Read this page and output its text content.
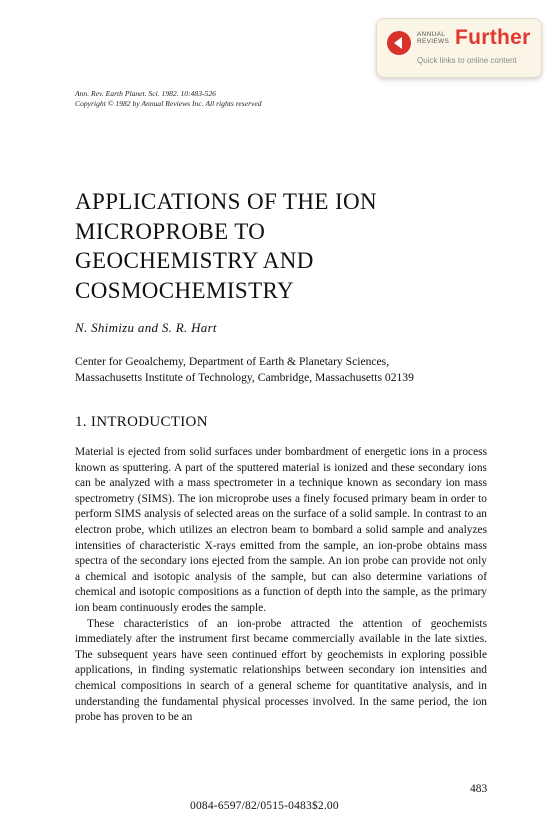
ANNUAL
REVIEWS Further
Quick links to online content
Ann. Rev. Earth Planet. Sci. 1982. 10:483-526
Copyright © 1982 by Annual Reviews Inc. All rights reserved
APPLICATIONS OF THE ION
MICROPROBE TO
GEOCHEMISTRY AND
COSMOCHEMISTRY
N. Shimizu and S. R. Hart
Center for Geoalchemy, Department of Earth & Planetary Sciences,
Massachusetts Institute of Technology, Cambridge, Massachusetts 02139
1. INTRODUCTION

Material is ejected from solid surfaces under bombardment of energetic ions in a process known as sputtering. A part of the sputtered material is ionized and these secondary ions can be analyzed with a mass spectrometer in a technique known as secondary ion mass spectrometry (SIMS). The ion microprobe uses a finely focused primary beam in order to perform SIMS analysis of selected areas on the surface of a solid sample. In contrast to an electron probe, which utilizes an electron beam to bombard a solid sample and analyzes intensities of characteristic X-rays emitted from the sample, an ion-probe obtains mass spectra of the secondary ions ejected from the sample. An ion probe can provide not only a chemical and isotopic analysis of the sample, but can also determine variations of chemical and isotopic compositions as a function of depth into the sample, as the primary ion beam continuously erodes the sample.

These characteristics of an ion-probe attracted the attention of geochemists immediately after the instrument first became commercially available in the late sixties. The subsequent years have seen continued effort by geochemists in exploring possible applications, in finding systematic relationships between secondary ion intensities and chemical compositions in search of a general scheme for quantitative analysis, and in understanding the fundamental physical processes involved. In the same period, the ion probe has proven to be an

483
0084-6597/82/0515-0483$2.00
